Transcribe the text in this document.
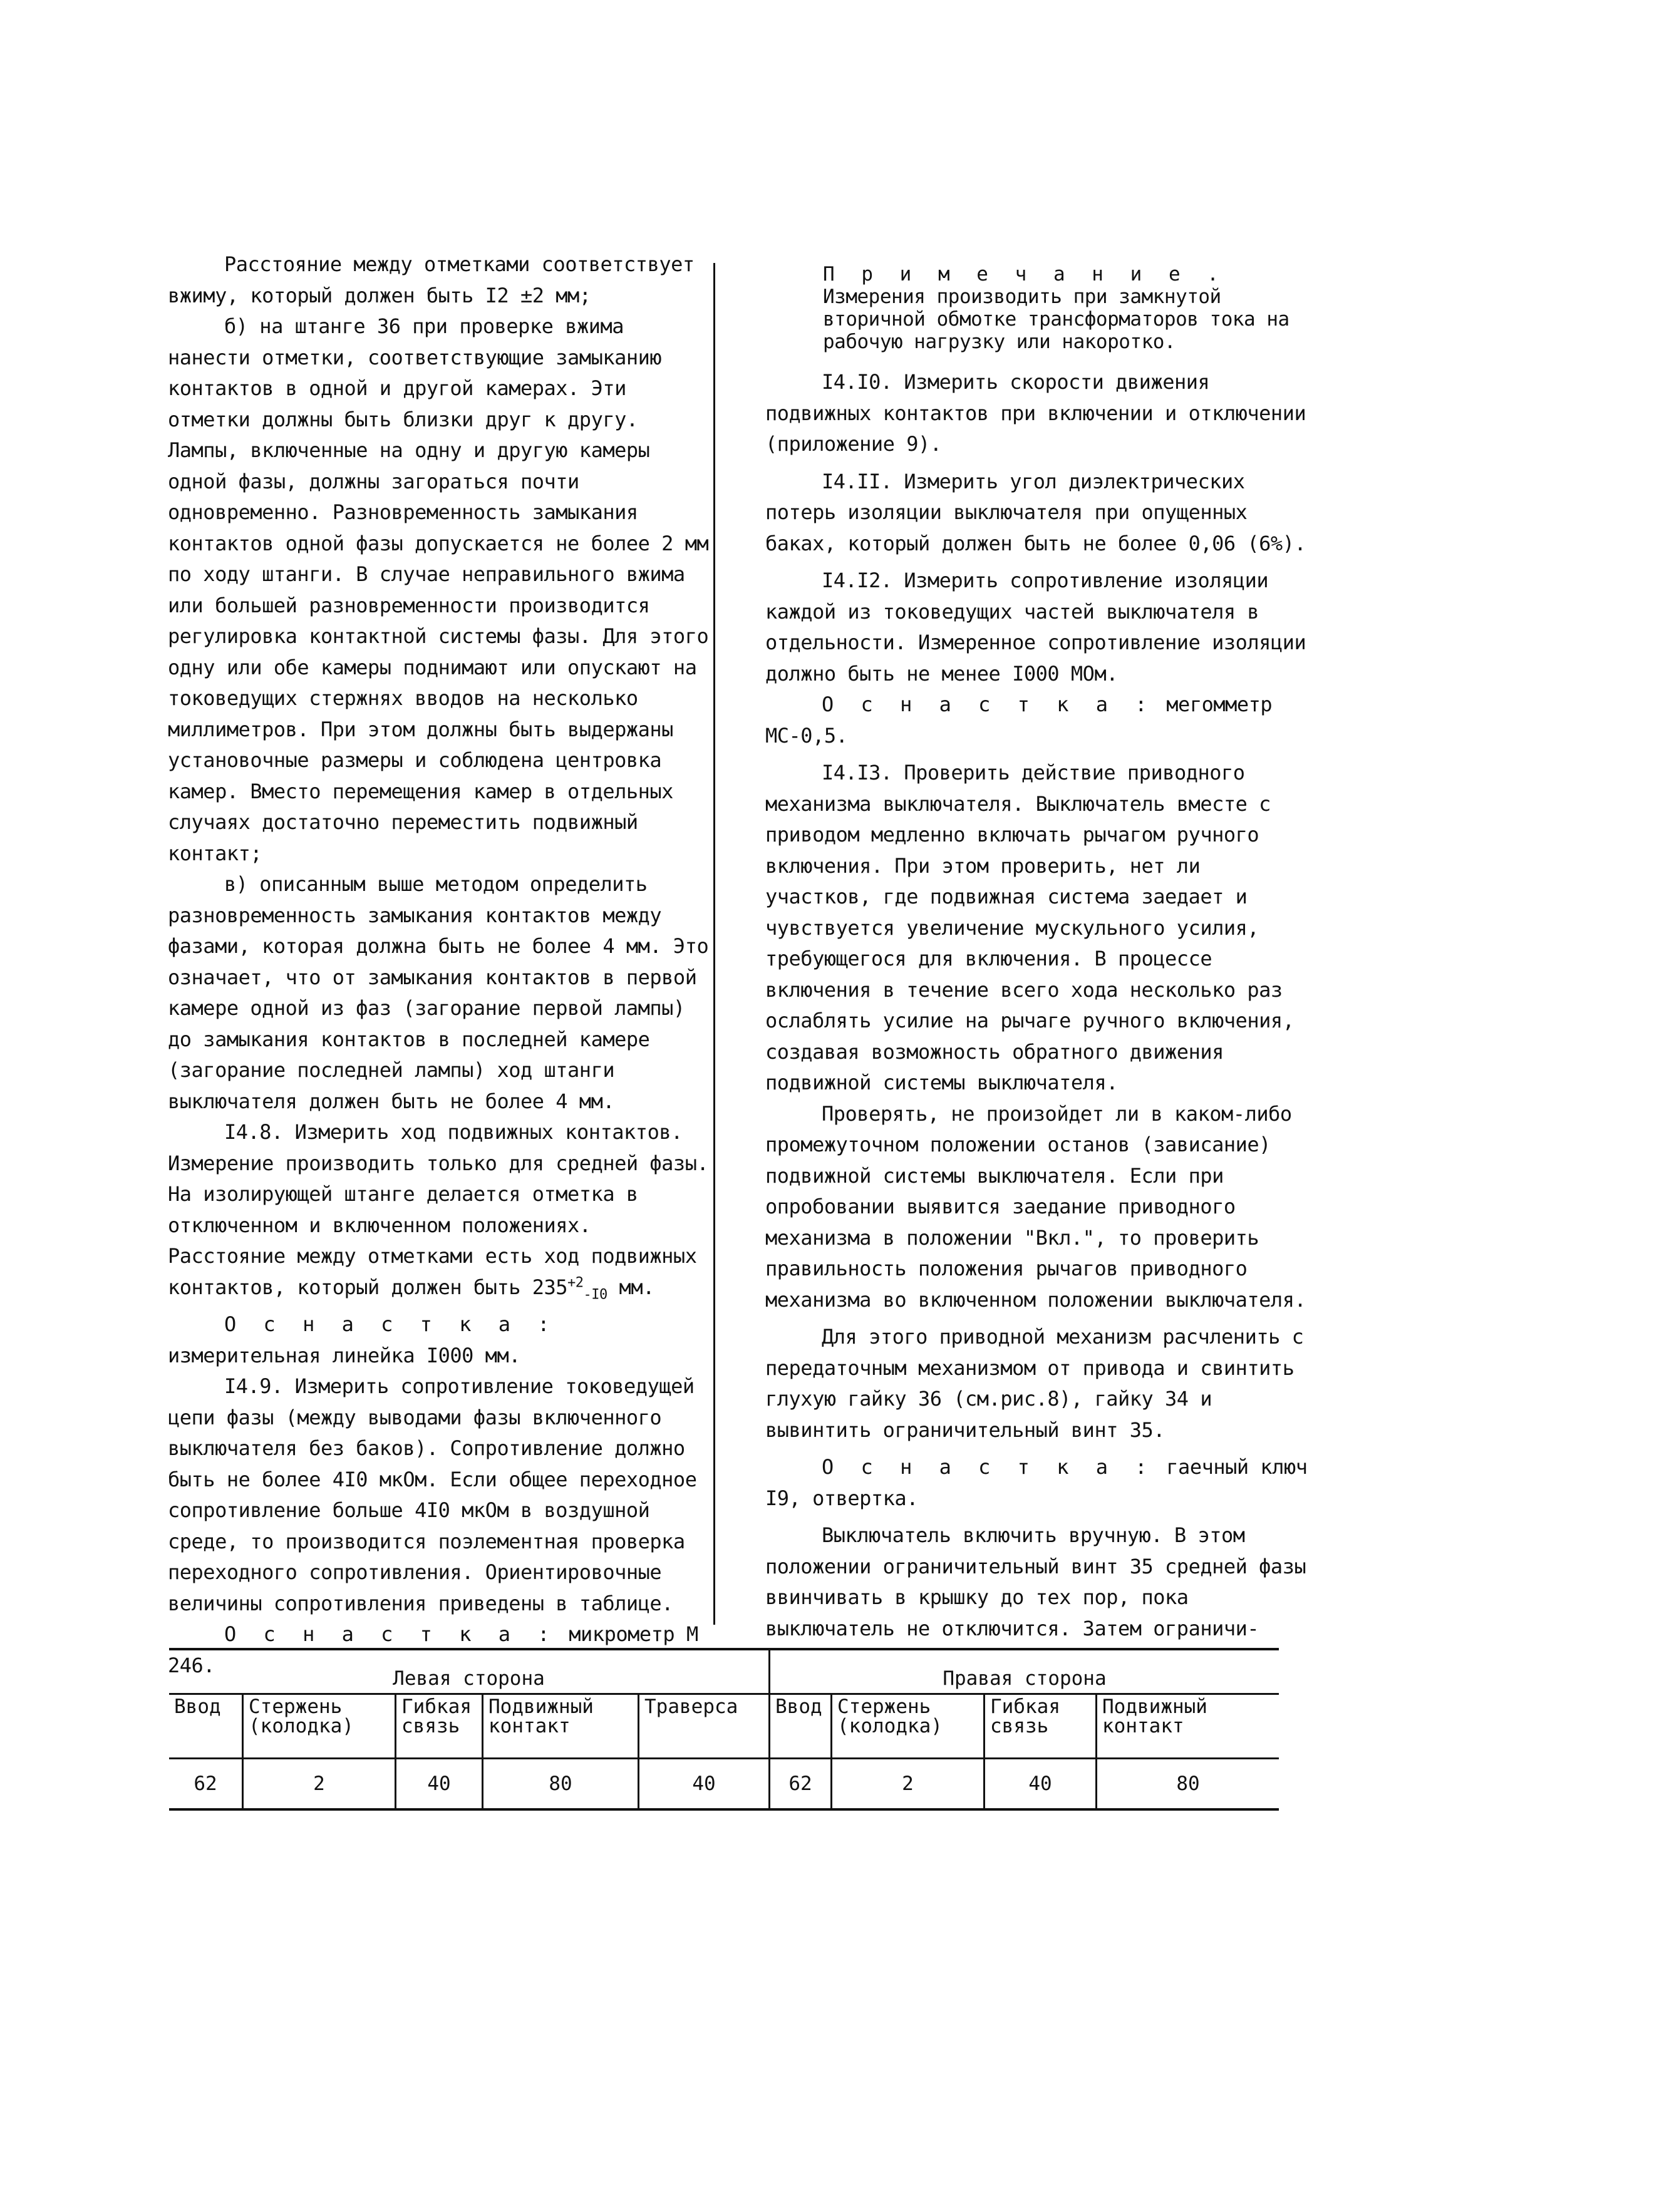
Расстояние между отметками соответствует вжиму, который должен быть I2 ±2 мм;

б) на штанге 36 при проверке вжима нанести отметки, соответствующие замыканию контактов в одной и другой камерах. Эти отметки должны быть близки друг к другу. Лампы, включенные на одну и другую камеры одной фазы, должны загораться почти одновременно. Разновременность замыкания контактов одной фазы допускается не более 2 мм по ходу штанги. В случае неправильного вжима или большей разновременности производится регулировка контактной системы фазы. Для этого одну или обе камеры поднимают или опускают на токоведущих стержнях вводов на несколько миллиметров. При этом должны быть выдержаны установочные размеры и соблюдена центровка камер. Вместо перемещения камер в отдельных случаях достаточно переместить подвижный контакт;

в) описанным выше методом определить разновременность замыкания контактов между фазами, которая должна быть не более 4 мм. Это означает, что от замыкания контактов в первой камере одной из фаз (загорание первой лампы) до замыкания контактов в последней камере (загорание последней лампы) ход штанги выключателя должен быть не более 4 мм.

I4.8. Измерить ход подвижных контактов. Измерение производить только для средней фазы. На изолирующей штанге делается отметка в отключенном и включенном положениях. Расстояние между отметками есть ход подвижных контактов, который должен быть $235^{+2}_{-I0}$ мм.

О с н а с т к а : измерительная линейка I000 мм.

I4.9. Измерить сопротивление токоведущей цепи фазы (между выводами фазы включенного выключателя без баков). Сопротивление должно быть не более 4I0 мкОм. Если общее переходное сопротивление больше 4I0 мкОм в воздушной среде, то производится поэлементная проверка переходного сопротивления. Ориентировочные величины сопротивления приведены в таблице.

О с н а с т к а : микрометр М 246.

П р и м е ч а н и е . Измерения производить при замкнутой вторичной обмотке трансформаторов тока на рабочую нагрузку или накоротко.

I4.I0. Измерить скорости движения подвижных контактов при включении и отключении (приложение 9).

I4.II. Измерить угол диэлектрических потерь изоляции выключателя при опущенных баках, который должен быть не более 0,06 (6%).

I4.I2. Измерить сопротивление изоляции каждой из токоведущих частей выключателя в отдельности. Измеренное сопротивление изоляции должно быть не менее I000 МОм.

О с н а с т к а : мегомметр МС-0,5.

I4.I3. Проверить действие приводного механизма выключателя. Выключатель вместе с приводом медленно включать рычагом ручного включения. При этом проверить, нет ли участков, где подвижная система заедает и чувствуется увеличение мускульного усилия, требующегося для включения. В процессе включения в течение всего хода несколько раз ослаблять усилие на рычаге ручного включения, создавая возможность обратного движения подвижной системы выключателя.

Проверять, не произойдет ли в каком-либо промежуточном положении останов (зависание) подвижной системы выключателя. Если при опробовании выявится заедание приводного механизма в положении "Вкл.", то проверить правильность положения рычагов приводного механизма во включенном положении выключателя.

Для этого приводной механизм расчленить с передаточным механизмом от привода и свинтить глухую гайку 36 (см.рис.8), гайку 34 и вывинтить ограничительный винт 35.

О с н а с т к а : гаечный ключ I9, отвертка.

Выключатель включить вручную. В этом положении ограничительный винт 35 средней фазы ввинчивать в крышку до тех пор, пока выключатель не отключится. Затем ограничи-

Левая сторона					Правая сторона			
Ввод	Стержень (колодка)	Гибкая связь	Подвижный контакт	Траверса	Ввод	Стержень (колодка)	Гибкая связь	Подвижный контакт
62	2	40	80	40	62	2	40	80
